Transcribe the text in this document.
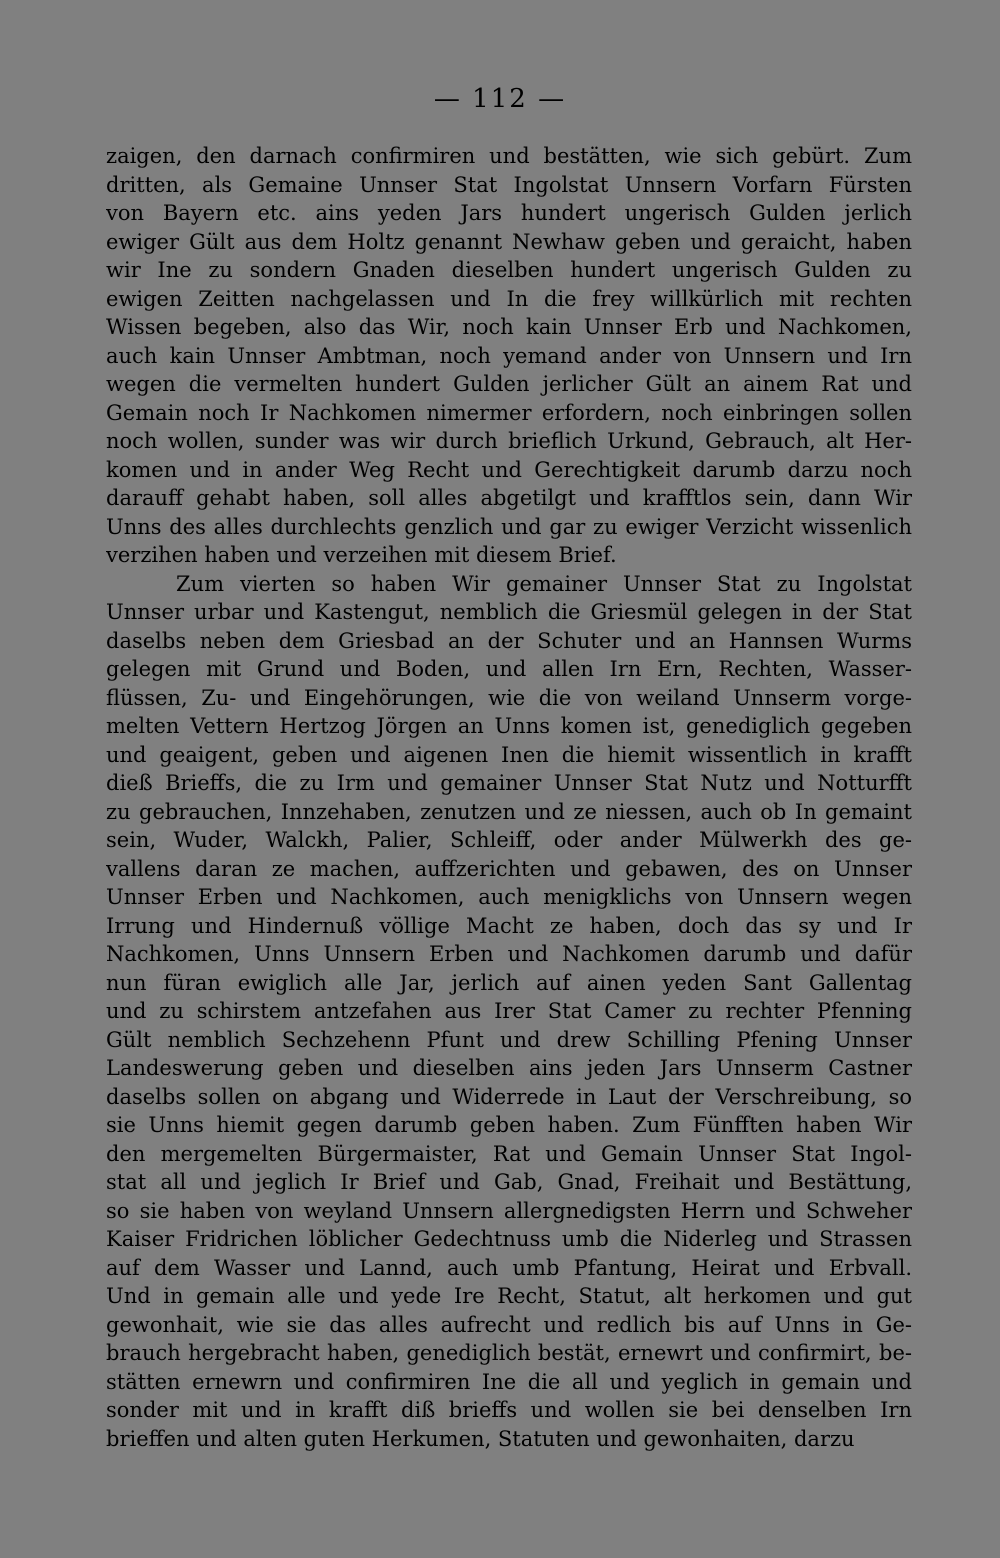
— 112 —
zaigen, den darnach confirmiren und bestätten, wie sich gebürt. Zum
dritten, als Gemaine Unnser Stat Ingolstat Unnsern Vorfarn Fürsten
von Bayern etc. ains yeden Jars hundert ungerisch Gulden jerlich
ewiger Gült aus dem Holtz genannt Newhaw geben und geraicht, haben
wir Ine zu sondern Gnaden dieselben hundert ungerisch Gulden zu
ewigen Zeitten nachgelassen und In die frey willkürlich mit rechten
Wissen begeben, also das Wir, noch kain Unnser Erb und Nachkomen,
auch kain Unnser Ambtman, noch yemand ander von Unnsern und Irn
wegen die vermelten hundert Gulden jerlicher Gült an ainem Rat und
Gemain noch Ir Nachkomen nimermer erfordern, noch einbringen sollen
noch wollen, sunder was wir durch brieflich Urkund, Gebrauch, alt Her-
komen und in ander Weg Recht und Gerechtigkeit darumb darzu noch
darauff gehabt haben, soll alles abgetilgt und krafftlos sein, dann Wir
Unns des alles durchlechts genzlich und gar zu ewiger Verzicht wissenlich
verzihen haben und verzeihen mit diesem Brief.
Zum vierten so haben Wir gemainer Unnser Stat zu Ingolstat
Unnser urbar und Kastengut, nemblich die Griesmül gelegen in der Stat
daselbs neben dem Griesbad an der Schuter und an Hannsen Wurms
gelegen mit Grund und Boden, und allen Irn Ern, Rechten, Wasser-
flüssen, Zu- und Eingehörungen, wie die von weiland Unnserm vorge-
melten Vettern Hertzog Jörgen an Unns komen ist, genediglich gegeben
und geaigent, geben und aigenen Inen die hiemit wissentlich in krafft
dieß Brieffs, die zu Irm und gemainer Unnser Stat Nutz und Notturfft
zu gebrauchen, Innzehaben, zenutzen und ze niessen, auch ob In gemaint
sein, Wuder, Walckh, Palier, Schleiff, oder ander Mülwerkh des ge-
vallens daran ze machen, auffzerichten und gebawen, des on Unnser
Unnser Erben und Nachkomen, auch menigklichs von Unnsern wegen
Irrung und Hindernuß völlige Macht ze haben, doch das sy und Ir
Nachkomen, Unns Unnsern Erben und Nachkomen darumb und dafür
nun füran ewiglich alle Jar, jerlich auf ainen yeden Sant Gallentag
und zu schirstem antzefahen aus Irer Stat Camer zu rechter Pfenning
Gült nemblich Sechzehenn Pfunt und drew Schilling Pfening Unnser
Landeswerung geben und dieselben ains jeden Jars Unnserm Castner
daselbs sollen on abgang und Widerrede in Laut der Verschreibung, so
sie Unns hiemit gegen darumb geben haben. Zum Fünfften haben Wir
den mergemelten Bürgermaister, Rat und Gemain Unnser Stat Ingol-
stat all und jeglich Ir Brief und Gab, Gnad, Freihait und Bestättung,
so sie haben von weyland Unnsern allergnedigsten Herrn und Schweher
Kaiser Fridrichen löblicher Gedechtnuss umb die Niderleg und Strassen
auf dem Wasser und Lannd, auch umb Pfantung, Heirat und Erbvall.
Und in gemain alle und yede Ire Recht, Statut, alt herkomen und gut
gewonhait, wie sie das alles aufrecht und redlich bis auf Unns in Ge-
brauch hergebracht haben, genediglich bestät, ernewrt und confirmirt, be-
stätten ernewrn und confirmiren Ine die all und yeglich in gemain und
sonder mit und in krafft diß brieffs und wollen sie bei denselben Irn
brieffen und alten guten Herkumen, Statuten und gewonhaiten, darzu
